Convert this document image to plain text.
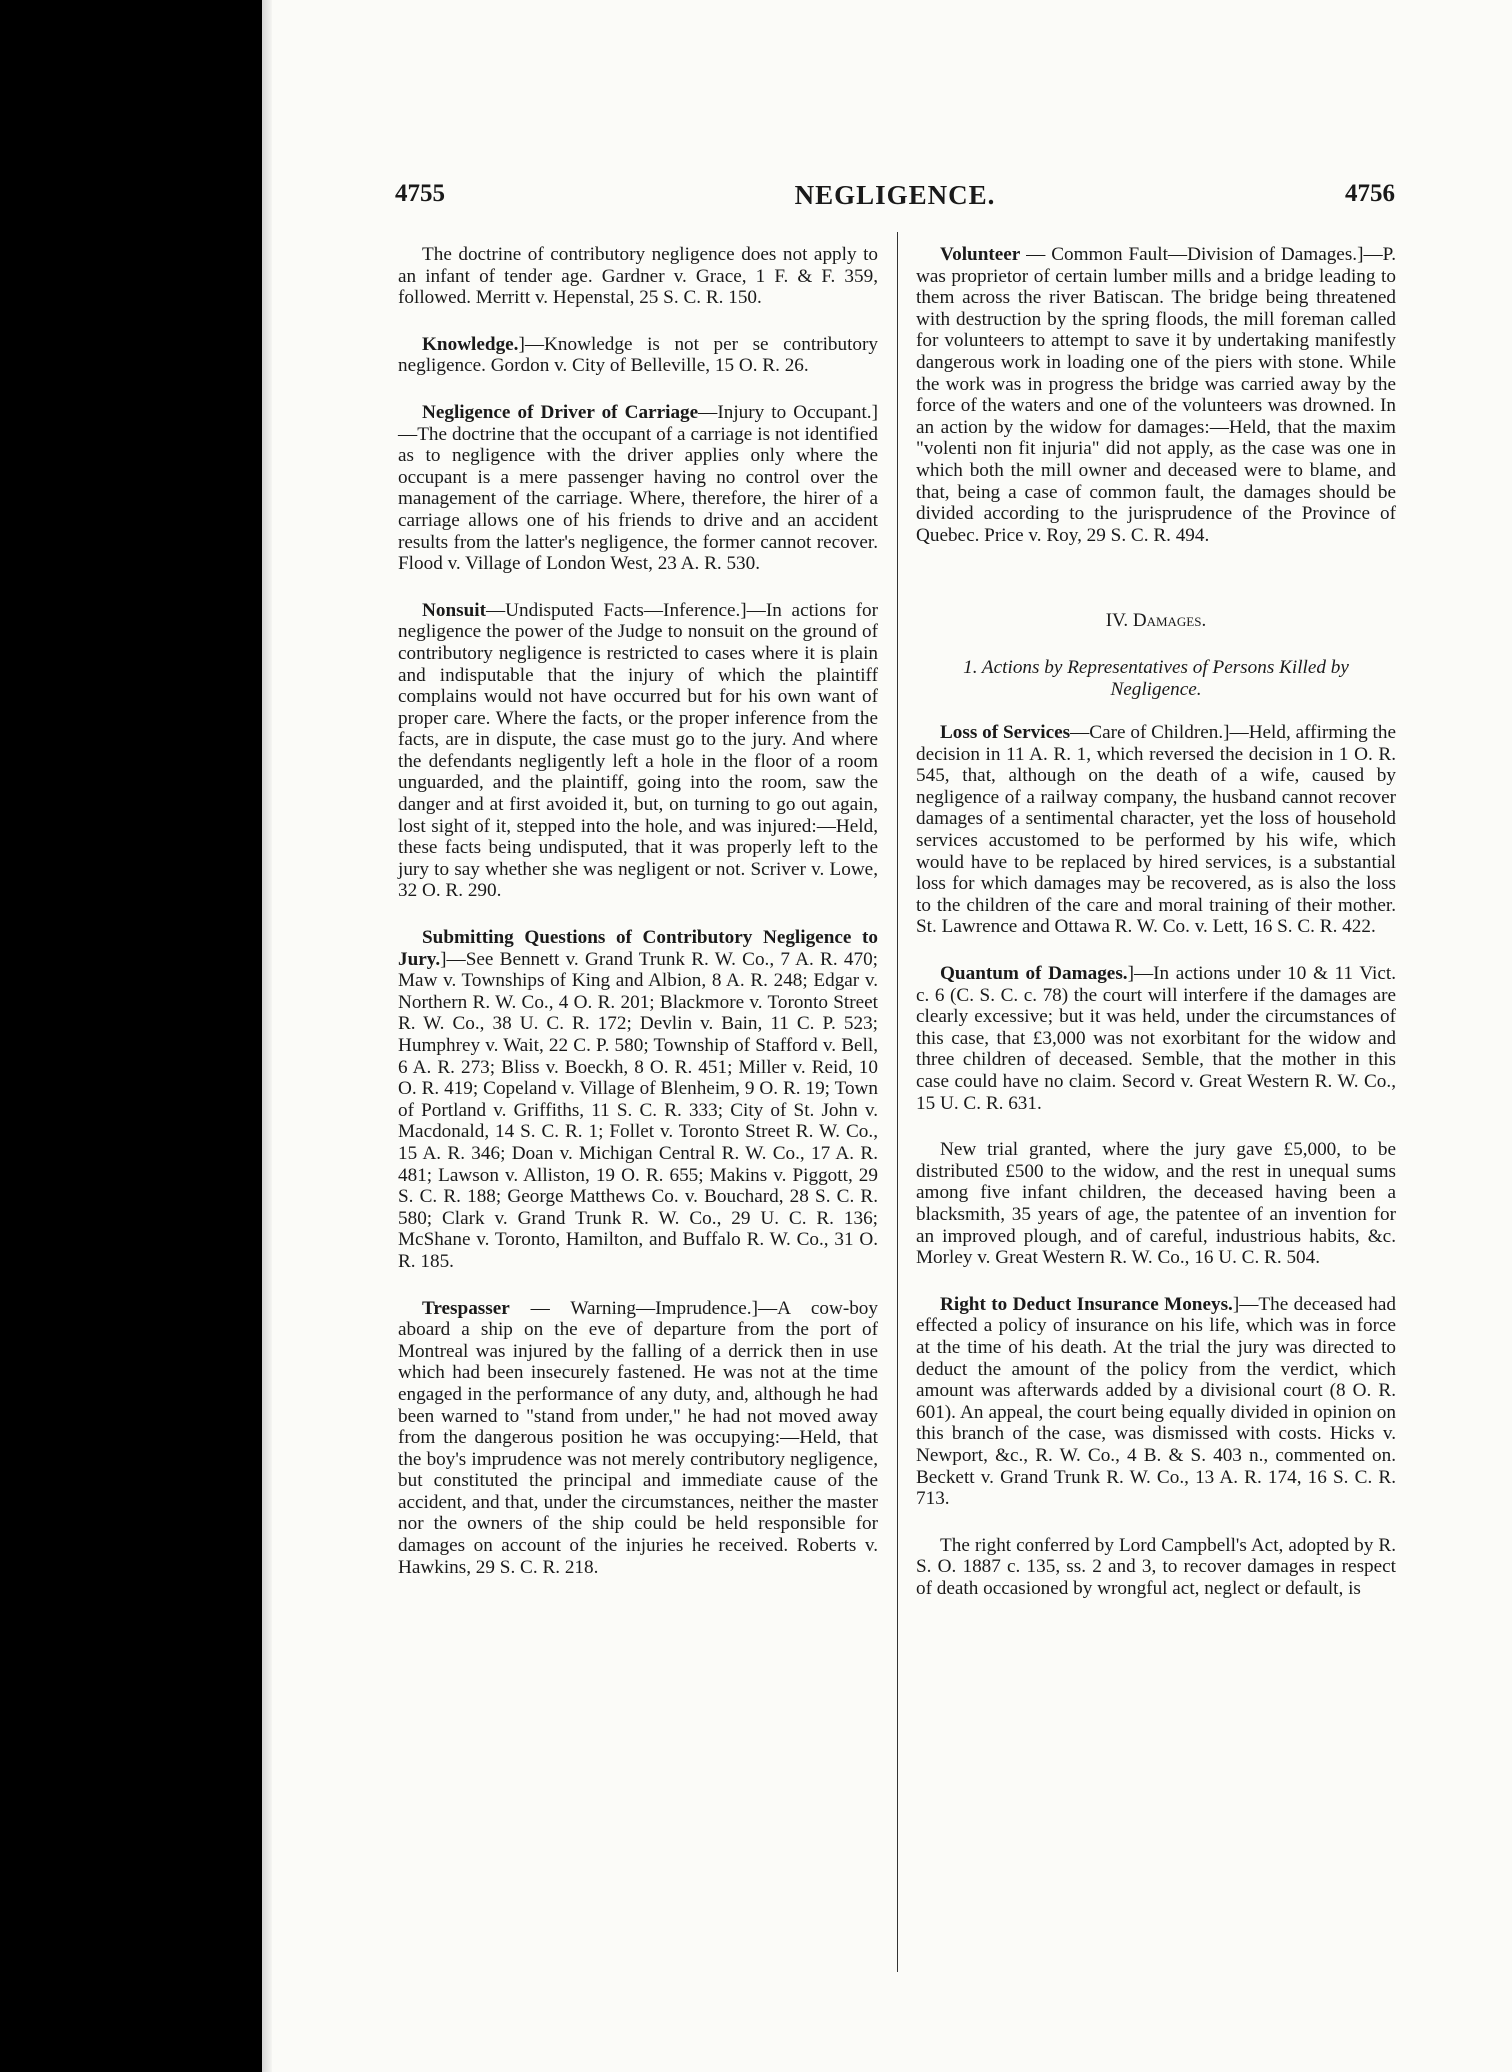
4755	NEGLIGENCE.	4756

The doctrine of contributory negligence does not apply to an infant of tender age. Gardner v. Grace, 1 F. & F. 359, followed. Merritt v. Hepenstal, 25 S. C. R. 150.

Knowledge.]—Knowledge is not per se contributory negligence. Gordon v. City of Belleville, 15 O. R. 26.

Negligence of Driver of Carriage—Injury to Occupant.]—The doctrine that the occupant of a carriage is not identified as to negligence with the driver applies only where the occupant is a mere passenger having no control over the management of the carriage. Where, therefore, the hirer of a carriage allows one of his friends to drive and an accident results from the latter's negligence, the former cannot recover. Flood v. Village of London West, 23 A. R. 530.

Nonsuit—Undisputed Facts—Inference.]—In actions for negligence the power of the Judge to nonsuit on the ground of contributory negligence is restricted to cases where it is plain and indisputable that the injury of which the plaintiff complains would not have occurred but for his own want of proper care. Where the facts, or the proper inference from the facts, are in dispute, the case must go to the jury. And where the defendants negligently left a hole in the floor of a room unguarded, and the plaintiff, going into the room, saw the danger and at first avoided it, but, on turning to go out again, lost sight of it, stepped into the hole, and was injured:—Held, these facts being undisputed, that it was properly left to the jury to say whether she was negligent or not. Scriver v. Lowe, 32 O. R. 290.

Submitting Questions of Contributory Negligence to Jury.]—See Bennett v. Grand Trunk R. W. Co., 7 A. R. 470; Maw v. Townships of King and Albion, 8 A. R. 248; Edgar v. Northern R. W. Co., 4 O. R. 201; Blackmore v. Toronto Street R. W. Co., 38 U. C. R. 172; Devlin v. Bain, 11 C. P. 523; Humphrey v. Wait, 22 C. P. 580; Township of Stafford v. Bell, 6 A. R. 273; Bliss v. Boeckh, 8 O. R. 451; Miller v. Reid, 10 O. R. 419; Copeland v. Village of Blenheim, 9 O. R. 19; Town of Portland v. Griffiths, 11 S. C. R. 333; City of St. John v. Macdonald, 14 S. C. R. 1; Follet v. Toronto Street R. W. Co., 15 A. R. 346; Doan v. Michigan Central R. W. Co., 17 A. R. 481; Lawson v. Alliston, 19 O. R. 655; Makins v. Piggott, 29 S. C. R. 188; George Matthews Co. v. Bouchard, 28 S. C. R. 580; Clark v. Grand Trunk R. W. Co., 29 U. C. R. 136; McShane v. Toronto, Hamilton, and Buffalo R. W. Co., 31 O. R. 185.

Trespasser — Warning—Imprudence.]—A cow-boy aboard a ship on the eve of departure from the port of Montreal was injured by the falling of a derrick then in use which had been insecurely fastened. He was not at the time engaged in the performance of any duty, and, although he had been warned to "stand from under," he had not moved away from the dangerous position he was occupying:—Held, that the boy's imprudence was not merely contributory negligence, but constituted the principal and immediate cause of the accident, and that, under the circumstances, neither the master nor the owners of the ship could be held responsible for damages on account of the injuries he received. Roberts v. Hawkins, 29 S. C. R. 218.

Volunteer — Common Fault—Division of Damages.]—P. was proprietor of certain lumber mills and a bridge leading to them across the river Batiscan. The bridge being threatened with destruction by the spring floods, the mill foreman called for volunteers to attempt to save it by undertaking manifestly dangerous work in loading one of the piers with stone. While the work was in progress the bridge was carried away by the force of the waters and one of the volunteers was drowned. In an action by the widow for damages:—Held, that the maxim "volenti non fit injuria" did not apply, as the case was one in which both the mill owner and deceased were to blame, and that, being a case of common fault, the damages should be divided according to the jurisprudence of the Province of Quebec. Price v. Roy, 29 S. C. R. 494.

IV. Damages.
1. Actions by Representatives of Persons Killed by Negligence.

Loss of Services—Care of Children.]—Held, affirming the decision in 11 A. R. 1, which reversed the decision in 1 O. R. 545, that, although on the death of a wife, caused by negligence of a railway company, the husband cannot recover damages of a sentimental character, yet the loss of household services accustomed to be performed by his wife, which would have to be replaced by hired services, is a substantial loss for which damages may be recovered, as is also the loss to the children of the care and moral training of their mother. St. Lawrence and Ottawa R. W. Co. v. Lett, 16 S. C. R. 422.

Quantum of Damages.]—In actions under 10 & 11 Vict. c. 6 (C. S. C. c. 78) the court will interfere if the damages are clearly excessive; but it was held, under the circumstances of this case, that £3,000 was not exorbitant for the widow and three children of deceased. Semble, that the mother in this case could have no claim. Secord v. Great Western R. W. Co., 15 U. C. R. 631.

New trial granted, where the jury gave £5,000, to be distributed £500 to the widow, and the rest in unequal sums among five infant children, the deceased having been a blacksmith, 35 years of age, the patentee of an invention for an improved plough, and of careful, industrious habits, &c. Morley v. Great Western R. W. Co., 16 U. C. R. 504.

Right to Deduct Insurance Moneys.]—The deceased had effected a policy of insurance on his life, which was in force at the time of his death. At the trial the jury was directed to deduct the amount of the policy from the verdict, which amount was afterwards added by a divisional court (8 O. R. 601). An appeal, the court being equally divided in opinion on this branch of the case, was dismissed with costs. Hicks v. Newport, &c., R. W. Co., 4 B. & S. 403 n., commented on. Beckett v. Grand Trunk R. W. Co., 13 A. R. 174, 16 S. C. R. 713.

The right conferred by Lord Campbell's Act, adopted by R. S. O. 1887 c. 135, ss. 2 and 3, to recover damages in respect of death occasioned by wrongful act, neglect or default, is
